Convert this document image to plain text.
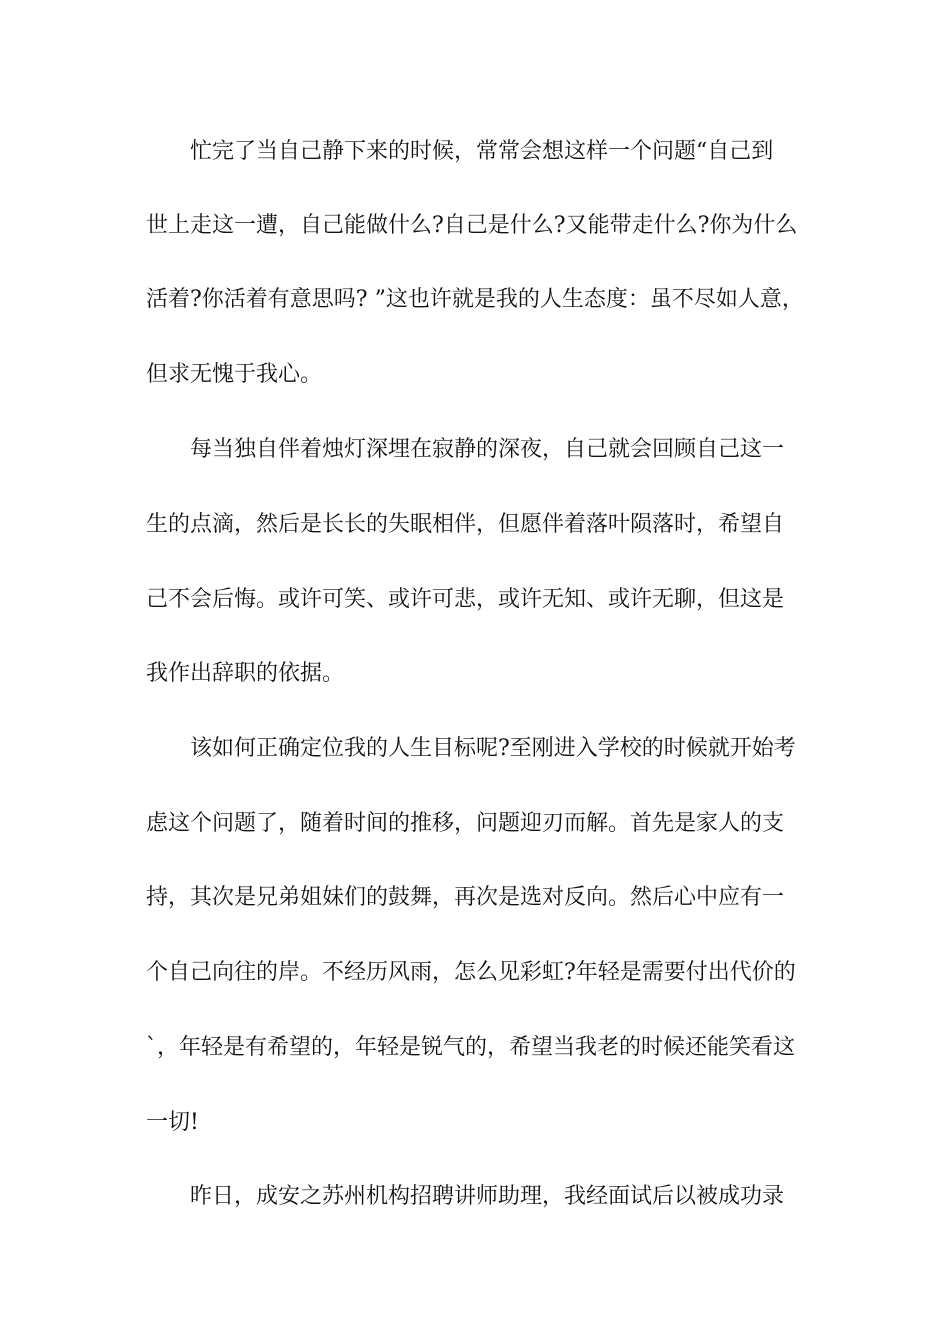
忙完了当自己静下来的时候，常常会想这样一个问题“自己到
世上走这一遭，自己能做什么?自己是什么?又能带走什么?你为什么
活着?你活着有意思吗? ”这也许就是我的人生态度：虽不尽如人意，
但求无愧于我心。
每当独自伴着烛灯深埋在寂静的深夜，自己就会回顾自己这一
生的点滴，然后是长长的失眠相伴，但愿伴着落叶陨落时，希望自
己不会后悔。或许可笑、或许可悲，或许无知、或许无聊，但这是
我作出辞职的依据。
该如何正确定位我的人生目标呢?至刚进入学校的时候就开始考
虑这个问题了，随着时间的推移，问题迎刃而解。首先是家人的支
持，其次是兄弟姐妹们的鼓舞，再次是选对反向。然后心中应有一
个自己向往的岸。不经历风雨，怎么见彩虹?年轻是需要付出代价的
`，年轻是有希望的，年轻是锐气的，希望当我老的时候还能笑看这
一切!
昨日，成安之苏州机构招聘讲师助理，我经面试后以被成功录
